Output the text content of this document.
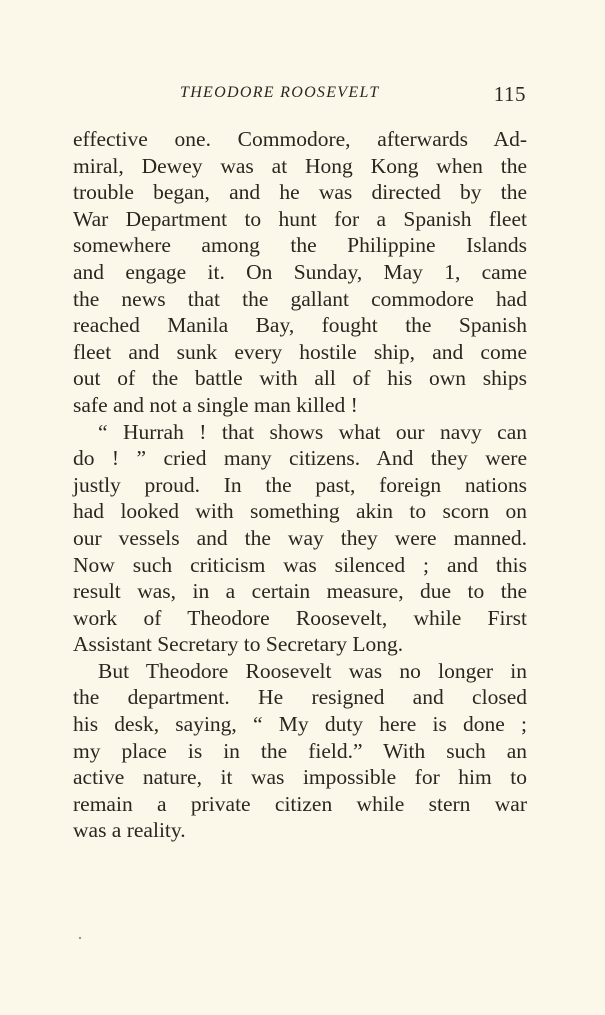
THEODORE ROOSEVELT	115
effective one. Commodore, afterwards Ad-
miral, Dewey was at Hong Kong when the
trouble began, and he was directed by the
War Department to hunt for a Spanish fleet
somewhere among the Philippine Islands
and engage it. On Sunday, May 1, came
the news that the gallant commodore had
reached Manila Bay, fought the Spanish
fleet and sunk every hostile ship, and come
out of the battle with all of his own ships
safe and not a single man killed !
“ Hurrah ! that shows what our navy can
do ! ” cried many citizens. And they were
justly proud. In the past, foreign nations
had looked with something akin to scorn on
our vessels and the way they were manned.
Now such criticism was silenced ; and this
result was, in a certain measure, due to the
work of Theodore Roosevelt, while First
Assistant Secretary to Secretary Long.
But Theodore Roosevelt was no longer in
the department. He resigned and closed
his desk, saying, “ My duty here is done ;
my place is in the field.” With such an
active nature, it was impossible for him to
remain a private citizen while stern war
was a reality.
